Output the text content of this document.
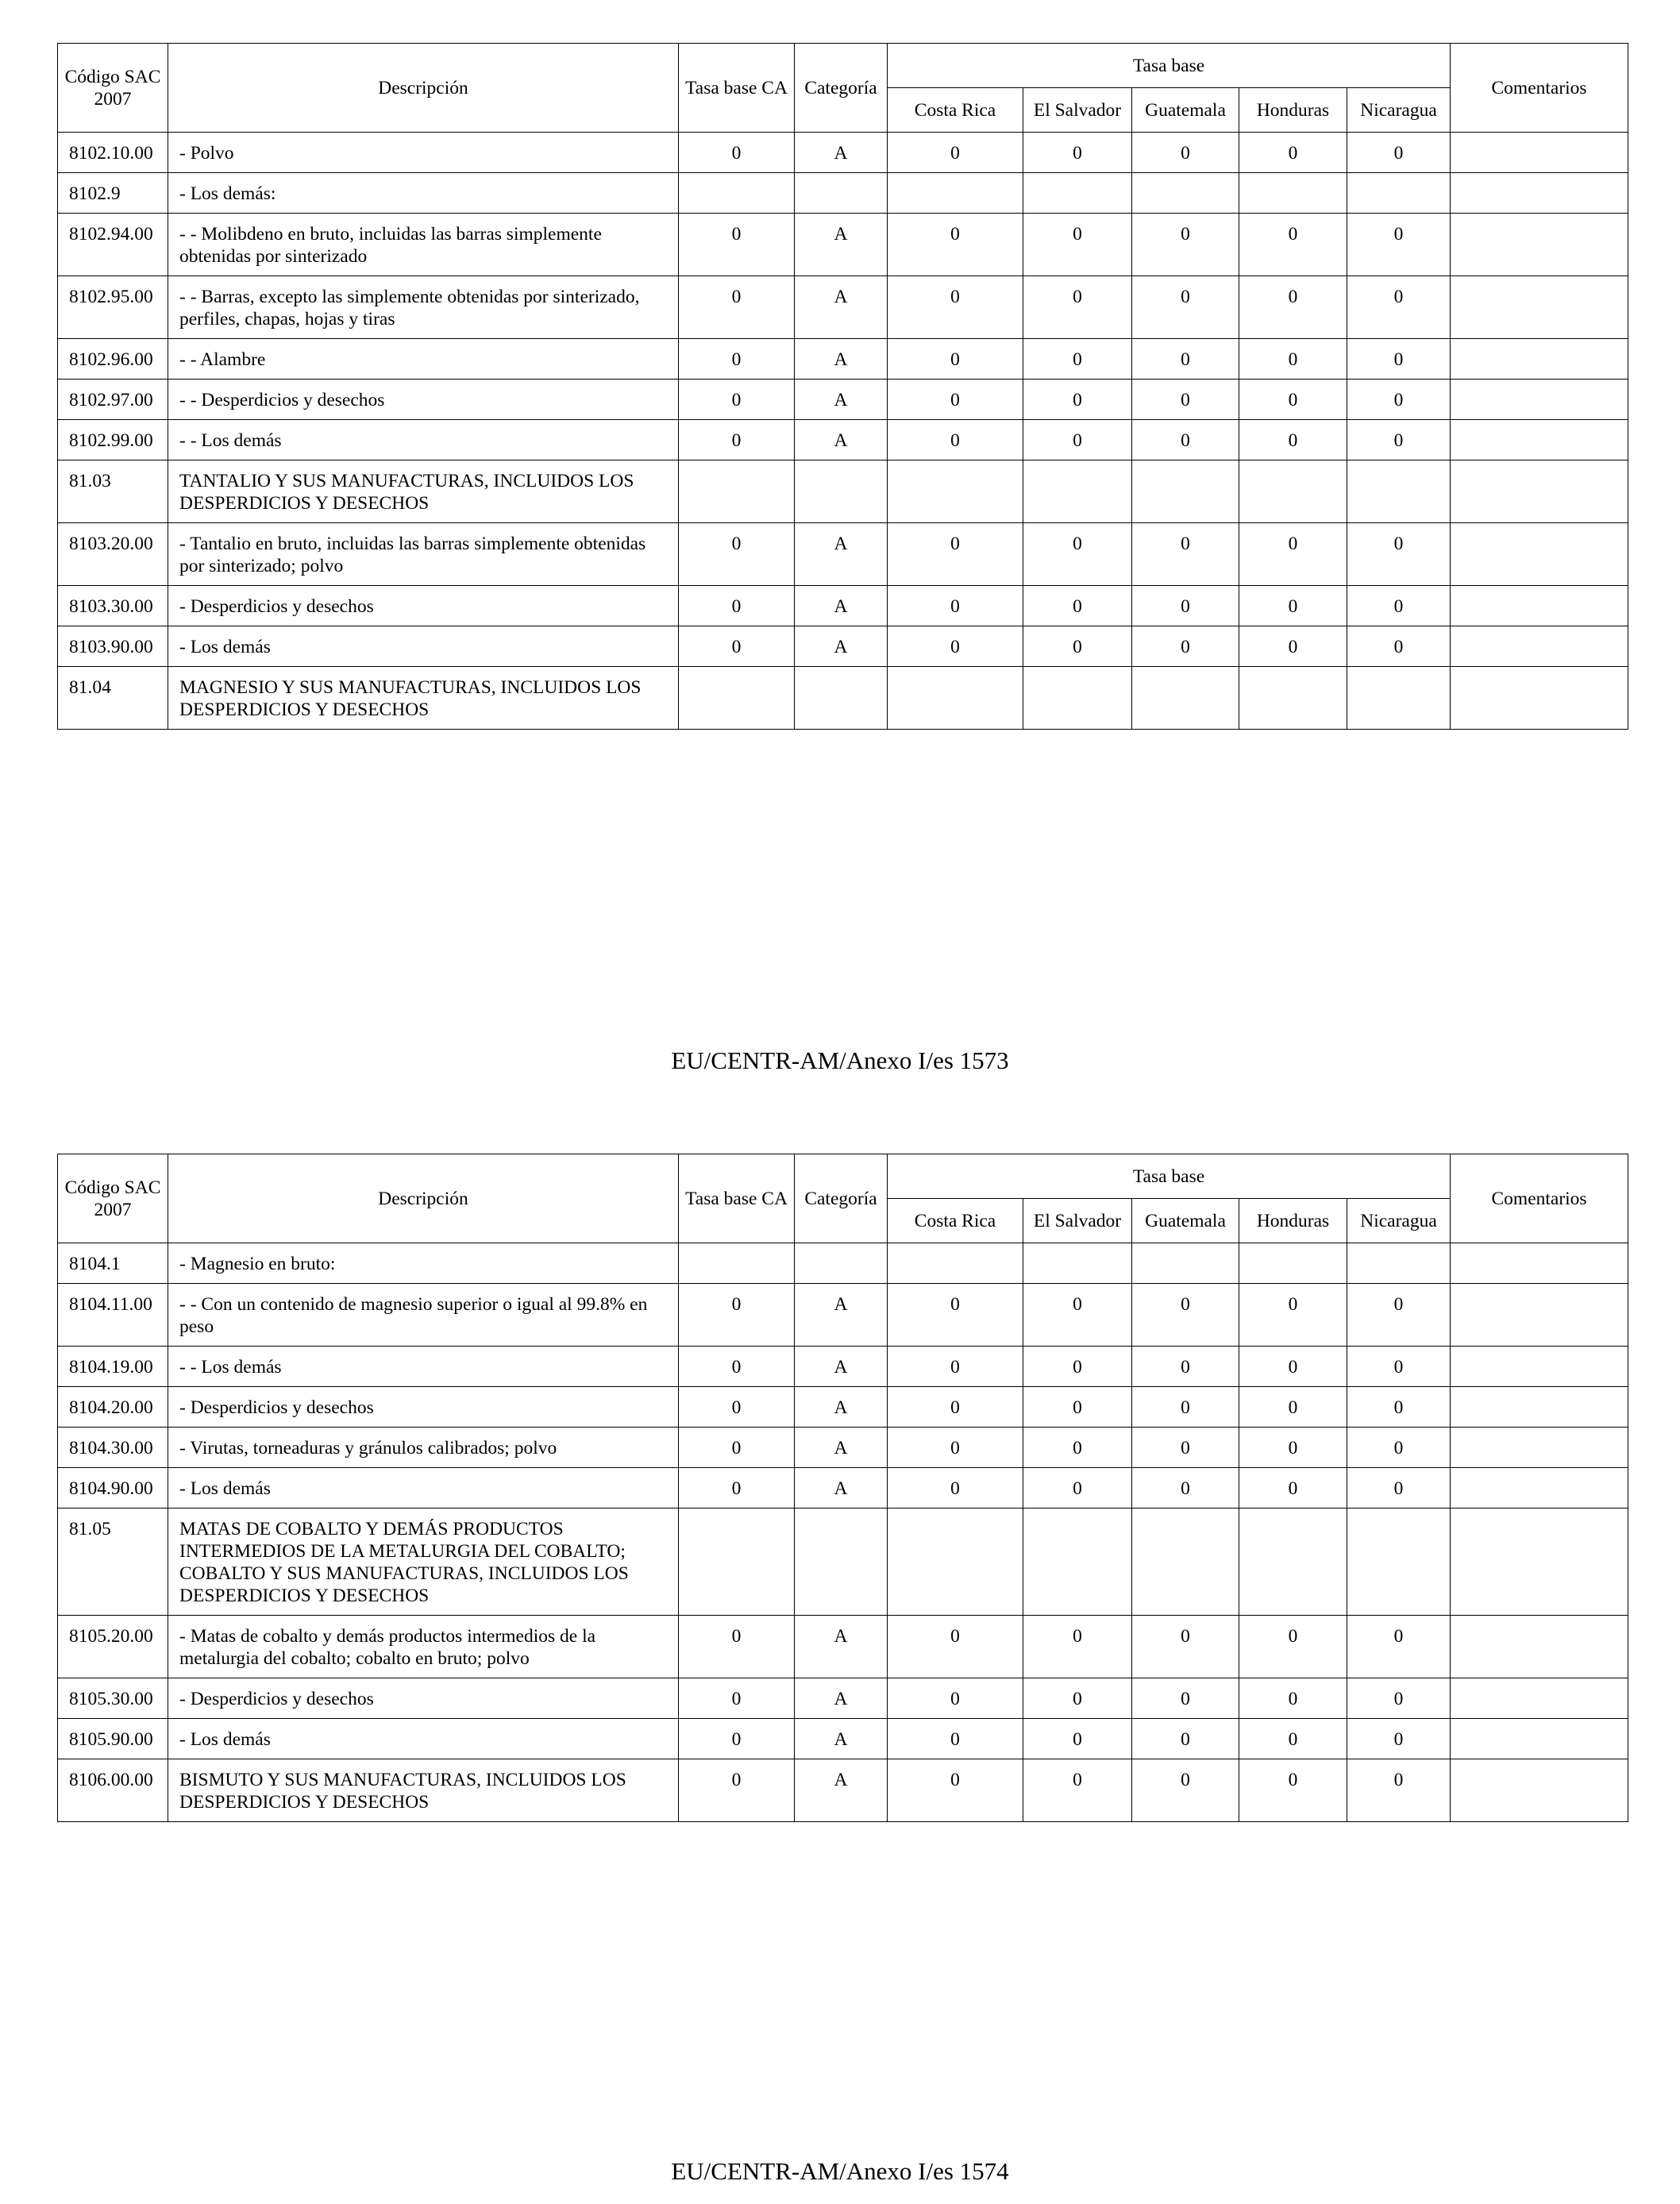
Código SAC 2007	Descripción	Tasa base CA	Categoría	Tasa base					Comentarios
				Costa Rica	El Salvador	Guatemala	Honduras	Nicaragua	
8102.10.00	- Polvo	0	A	0	0	0	0	0	
8102.9	- Los demás:								
8102.94.00	- - Molibdeno en bruto, incluidas las barras simplemente obtenidas por sinterizado	0	A	0	0	0	0	0	
8102.95.00	- - Barras, excepto las simplemente obtenidas por sinterizado, perfiles, chapas, hojas y tiras	0	A	0	0	0	0	0	
8102.96.00	- - Alambre	0	A	0	0	0	0	0	
8102.97.00	- - Desperdicios y desechos	0	A	0	0	0	0	0	
8102.99.00	- - Los demás	0	A	0	0	0	0	0	
81.03	TANTALIO Y SUS MANUFACTURAS, INCLUIDOS LOS DESPERDICIOS Y DESECHOS								
8103.20.00	- Tantalio en bruto, incluidas las barras simplemente obtenidas por sinterizado; polvo	0	A	0	0	0	0	0	
8103.30.00	- Desperdicios y desechos	0	A	0	0	0	0	0	
8103.90.00	- Los demás	0	A	0	0	0	0	0	
81.04	MAGNESIO Y SUS MANUFACTURAS, INCLUIDOS LOS DESPERDICIOS Y DESECHOS								
EU/CENTR-AM/Anexo I/es 1573
Código SAC 2007	Descripción	Tasa base CA	Categoría	Tasa base					Comentarios
				Costa Rica	El Salvador	Guatemala	Honduras	Nicaragua	
8104.1	- Magnesio en bruto:								
8104.11.00	- - Con un contenido de magnesio superior o igual al 99.8% en peso	0	A	0	0	0	0	0	
8104.19.00	- - Los demás	0	A	0	0	0	0	0	
8104.20.00	- Desperdicios y desechos	0	A	0	0	0	0	0	
8104.30.00	- Virutas, torneaduras y gránulos calibrados; polvo	0	A	0	0	0	0	0	
8104.90.00	- Los demás	0	A	0	0	0	0	0	
81.05	MATAS DE COBALTO Y DEMÁS PRODUCTOS INTERMEDIOS DE LA METALURGIA DEL COBALTO; COBALTO Y SUS MANUFACTURAS, INCLUIDOS LOS DESPERDICIOS Y DESECHOS								
8105.20.00	- Matas de cobalto y demás productos intermedios de la metalurgia del cobalto; cobalto en bruto; polvo	0	A	0	0	0	0	0	
8105.30.00	- Desperdicios y desechos	0	A	0	0	0	0	0	
8105.90.00	- Los demás	0	A	0	0	0	0	0	
8106.00.00	BISMUTO Y SUS MANUFACTURAS, INCLUIDOS LOS DESPERDICIOS Y DESECHOS	0	A	0	0	0	0	0	
EU/CENTR-AM/Anexo I/es 1574
